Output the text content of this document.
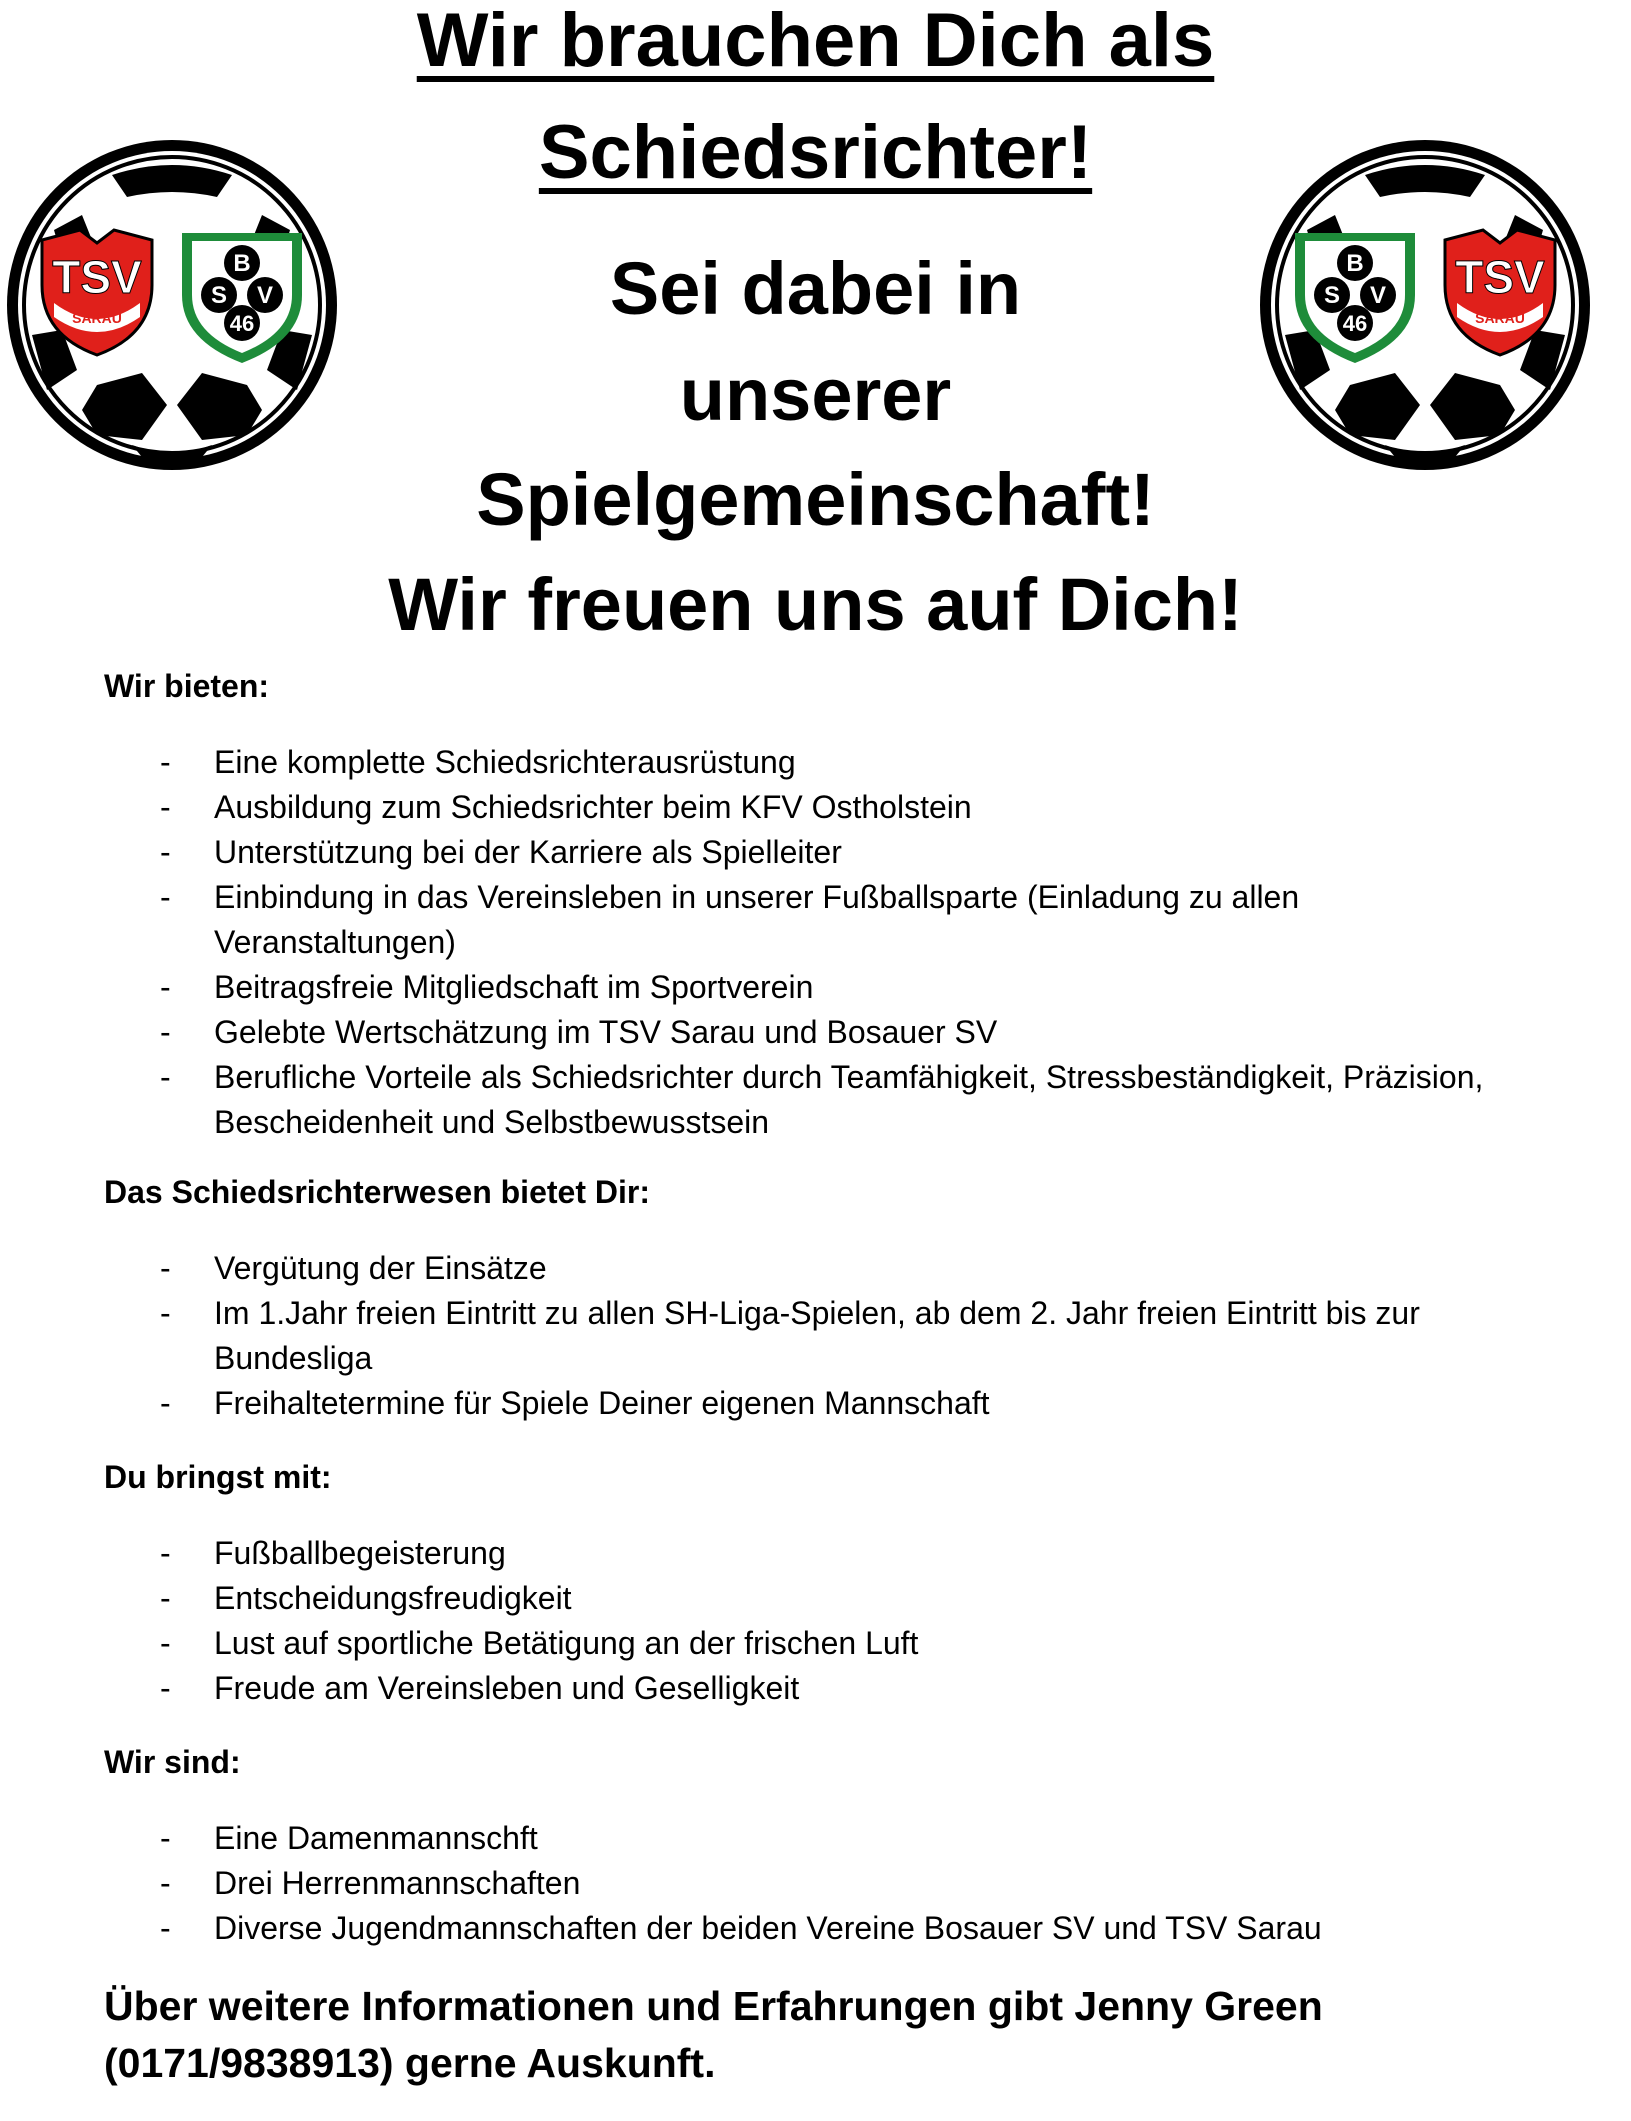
Wir brauchen Dich als
Schiedsrichter!
Sei dabei in
unserer
Spielgemeinschaft!
Wir freuen uns auf Dich!
TSV
SARAU
B
S V
46
B
S V
46
TSV
SARAU
Wir bieten:
- Eine komplette Schiedsrichterausrüstung
- Ausbildung zum Schiedsrichter beim KFV Ostholstein
- Unterstützung bei der Karriere als Spielleiter
- Einbindung in das Vereinsleben in unserer Fußballsparte (Einladung zu allen Veranstaltungen)
- Beitragsfreie Mitgliedschaft im Sportverein
- Gelebte Wertschätzung im TSV Sarau und Bosauer SV
- Berufliche Vorteile als Schiedsrichter durch Teamfähigkeit, Stressbeständigkeit, Präzision, Bescheidenheit und Selbstbewusstsein
Das Schiedsrichterwesen bietet Dir:
- Vergütung der Einsätze
- Im 1.Jahr freien Eintritt zu allen SH-Liga-Spielen, ab dem 2. Jahr freien Eintritt bis zur Bundesliga
- Freihaltetermine für Spiele Deiner eigenen Mannschaft
Du bringst mit:
- Fußballbegeisterung
- Entscheidungsfreudigkeit
- Lust auf sportliche Betätigung an der frischen Luft
- Freude am Vereinsleben und Geselligkeit
Wir sind:
- Eine Damenmannschft
- Drei Herrenmannschaften
- Diverse Jugendmannschaften der beiden Vereine Bosauer SV und TSV Sarau

Über weitere Informationen und Erfahrungen gibt Jenny Green (0171/9838913) gerne Auskunft.
